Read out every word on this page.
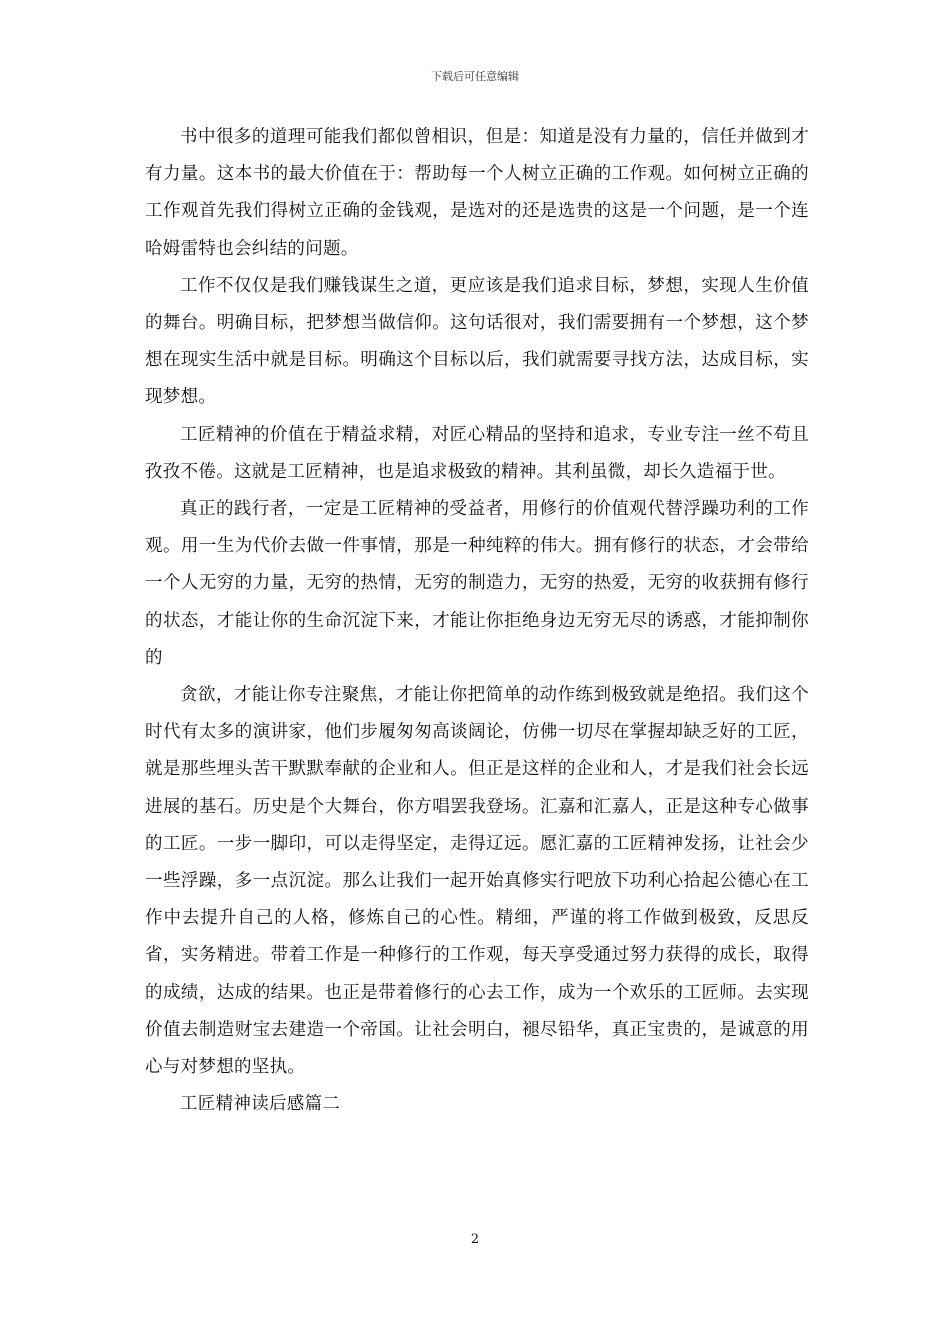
下载后可任意编辑

书中很多的道理可能我们都似曾相识，但是：知道是没有力量的，信任并做到才有力量。这本书的最大价值在于：帮助每一个人树立正确的工作观。如何树立正确的工作观首先我们得树立正确的金钱观，是选对的还是选贵的这是一个问题，是一个连哈姆雷特也会纠结的问题。

工作不仅仅是我们赚钱谋生之道，更应该是我们追求目标，梦想，实现人生价值的舞台。明确目标，把梦想当做信仰。这句话很对，我们需要拥有一个梦想，这个梦想在现实生活中就是目标。明确这个目标以后，我们就需要寻找方法，达成目标，实现梦想。

工匠精神的价值在于精益求精，对匠心精品的坚持和追求，专业专注一丝不苟且孜孜不倦。这就是工匠精神，也是追求极致的精神。其利虽微，却长久造福于世。

真正的践行者，一定是工匠精神的受益者，用修行的价值观代替浮躁功利的工作观。用一生为代价去做一件事情，那是一种纯粹的伟大。拥有修行的状态，才会带给一个人无穷的力量，无穷的热情，无穷的制造力，无穷的热爱，无穷的收获拥有修行的状态，才能让你的生命沉淀下来，才能让你拒绝身边无穷无尽的诱惑，才能抑制你的

贪欲，才能让你专注聚焦，才能让你把简单的动作练到极致就是绝招。我们这个时代有太多的演讲家，他们步履匆匆高谈阔论，仿佛一切尽在掌握却缺乏好的工匠，就是那些埋头苦干默默奉献的企业和人。但正是这样的企业和人，才是我们社会长远进展的基石。历史是个大舞台，你方唱罢我登场。汇嘉和汇嘉人，正是这种专心做事的工匠。一步一脚印，可以走得坚定，走得辽远。愿汇嘉的工匠精神发扬，让社会少一些浮躁，多一点沉淀。那么让我们一起开始真修实行吧放下功利心拾起公德心在工作中去提升自己的人格，修炼自己的心性。精细，严谨的将工作做到极致，反思反省，实务精进。带着工作是一种修行的工作观，每天享受通过努力获得的成长，取得的成绩，达成的结果。也正是带着修行的心去工作，成为一个欢乐的工匠师。去实现价值去制造财宝去建造一个帝国。让社会明白，褪尽铅华，真正宝贵的，是诚意的用心与对梦想的坚执。

工匠精神读后感篇二

2
